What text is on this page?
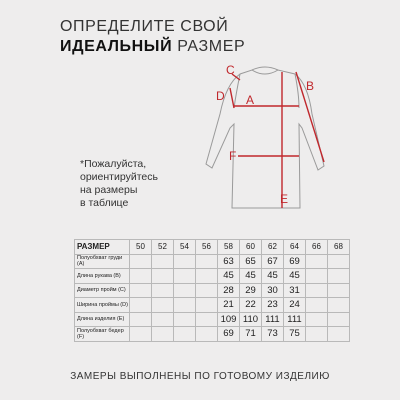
ОПРЕДЕЛИТЕ СВОЙ
ИДЕАЛЬНЫЙ РАЗМЕР
*Пожалуйста,
ориентируйтесь
на размеры
в таблице
A
B
C
D
F
E
РАЗМЕР	50	52	54	56	58	60	62	64	66	68
Полуобхват груди (А)					63	65	67	69		
Длина рукава (B)					45	45	45	45		
Диаметр пройм (C)					28	29	30	31		
Ширина проймы (D)					21	22	23	24		
Длина изделия (E)					109	110	111	111		
Полуобхват бедер (F)					69	71	73	75		
ЗАМЕРЫ ВЫПОЛНЕНЫ ПО ГОТОВОМУ ИЗДЕЛИЮ
